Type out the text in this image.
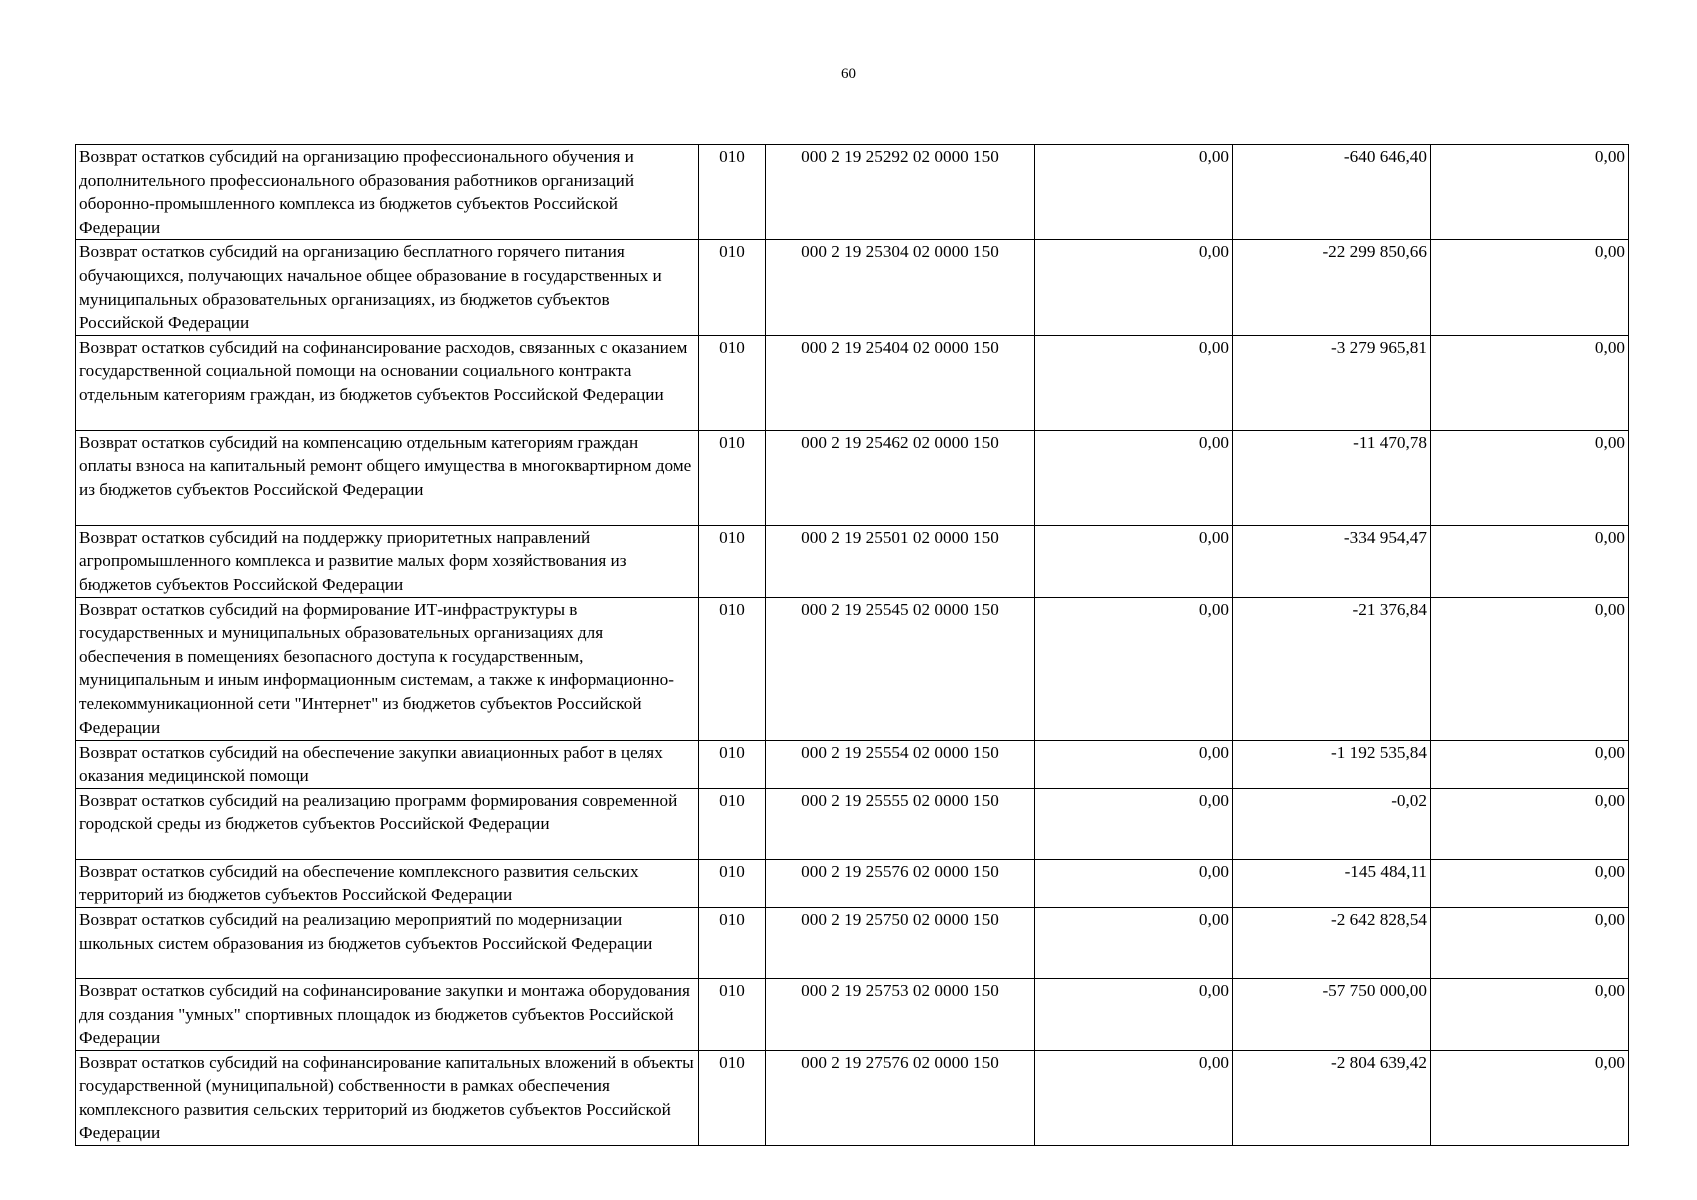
60
Возврат остатков субсидий на организацию профессионального обучения и дополнительного профессионального образования работников организаций оборонно-промышленного комплекса из бюджетов субъектов Российской Федерации	010	000 2 19 25292 02 0000 150	0,00	-640 646,40	0,00
Возврат остатков субсидий на организацию бесплатного горячего питания обучающихся, получающих начальное общее образование в государственных и муниципальных образовательных организациях, из бюджетов субъектов Российской Федерации	010	000 2 19 25304 02 0000 150	0,00	-22 299 850,66	0,00
Возврат остатков субсидий на софинансирование расходов, связанных с оказанием государственной социальной помощи на основании социального контракта отдельным категориям граждан, из бюджетов субъектов Российской Федерации	010	000 2 19 25404 02 0000 150	0,00	-3 279 965,81	0,00
Возврат остатков субсидий на компенсацию отдельным категориям граждан оплаты взноса на капитальный ремонт общего имущества в многоквартирном доме из бюджетов субъектов Российской Федерации	010	000 2 19 25462 02 0000 150	0,00	-11 470,78	0,00
Возврат остатков субсидий на поддержку приоритетных направлений агропромышленного комплекса и развитие малых форм хозяйствования из бюджетов субъектов Российской Федерации	010	000 2 19 25501 02 0000 150	0,00	-334 954,47	0,00
Возврат остатков субсидий на формирование ИТ-инфраструктуры в государственных и муниципальных образовательных организациях для обеспечения в помещениях безопасного доступа к государственным, муниципальным и иным информационным системам, а также к информационно-телекоммуникационной сети "Интернет" из бюджетов субъектов Российской Федерации	010	000 2 19 25545 02 0000 150	0,00	-21 376,84	0,00
Возврат остатков субсидий на обеспечение закупки авиационных работ в целях оказания медицинской помощи	010	000 2 19 25554 02 0000 150	0,00	-1 192 535,84	0,00
Возврат остатков субсидий на реализацию программ формирования современной городской среды из бюджетов субъектов Российской Федерации	010	000 2 19 25555 02 0000 150	0,00	-0,02	0,00
Возврат остатков субсидий на обеспечение комплексного развития сельских территорий из бюджетов субъектов Российской Федерации	010	000 2 19 25576 02 0000 150	0,00	-145 484,11	0,00
Возврат остатков субсидий на реализацию мероприятий по модернизации школьных систем образования из бюджетов субъектов Российской Федерации	010	000 2 19 25750 02 0000 150	0,00	-2 642 828,54	0,00
Возврат остатков субсидий на софинансирование закупки и монтажа оборудования для создания "умных" спортивных площадок из бюджетов субъектов Российской Федерации	010	000 2 19 25753 02 0000 150	0,00	-57 750 000,00	0,00
Возврат остатков субсидий на софинансирование капитальных вложений в объекты государственной (муниципальной) собственности в рамках обеспечения комплексного развития сельских территорий из бюджетов субъектов Российской Федерации	010	000 2 19 27576 02 0000 150	0,00	-2 804 639,42	0,00
